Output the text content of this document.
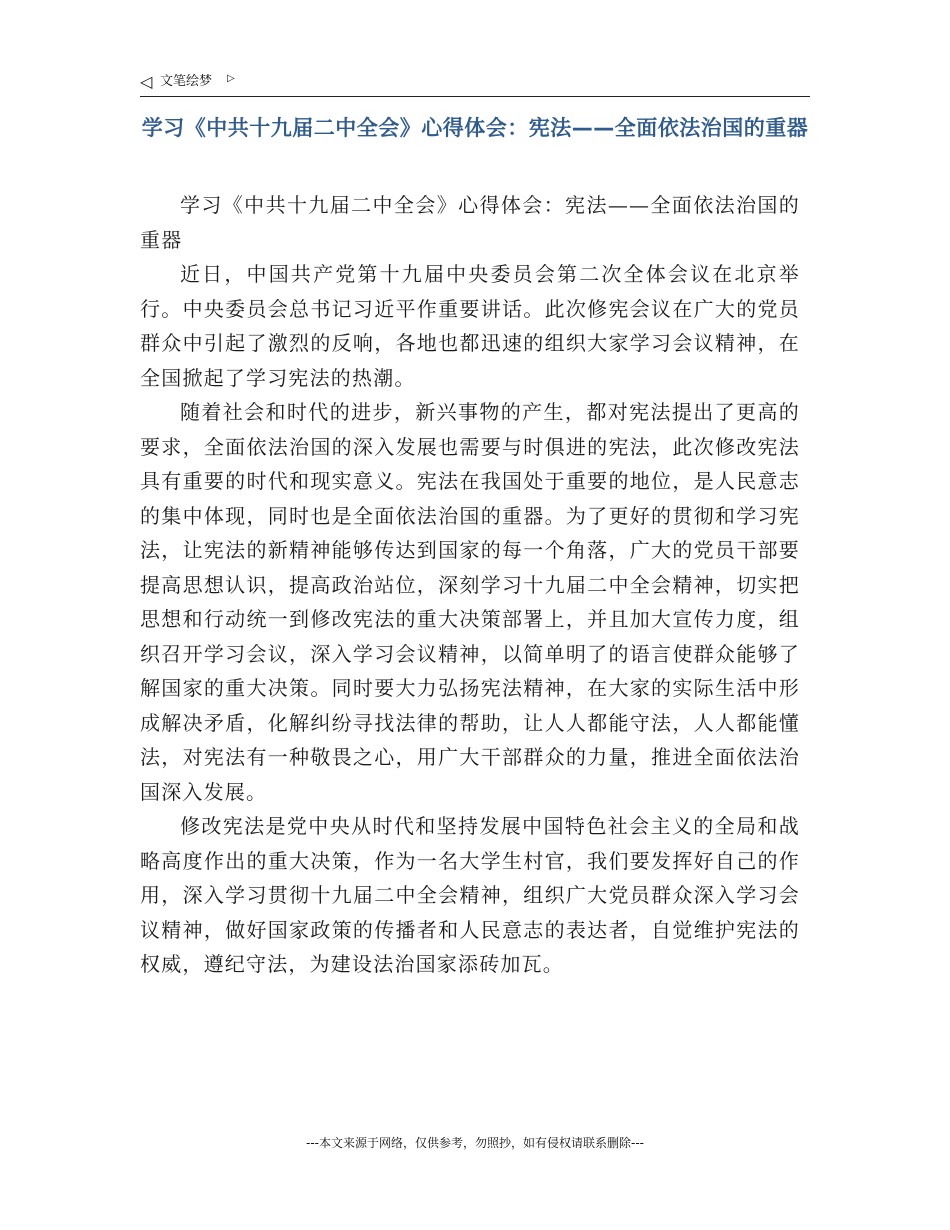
◁ 文笔绘梦 ▷
学习《中共十九届二中全会》心得体会：宪法——全面依法治国的重器

学习《中共十九届二中全会》心得体会：宪法——全面依法治国的重器

近日，中国共产党第十九届中央委员会第二次全体会议在北京举行。中央委员会总书记习近平作重要讲话。此次修宪会议在广大的党员群众中引起了激烈的反响，各地也都迅速的组织大家学习会议精神，在全国掀起了学习宪法的热潮。

随着社会和时代的进步，新兴事物的产生，都对宪法提出了更高的要求，全面依法治国的深入发展也需要与时俱进的宪法，此次修改宪法具有重要的时代和现实意义。宪法在我国处于重要的地位，是人民意志的集中体现，同时也是全面依法治国的重器。为了更好的贯彻和学习宪法，让宪法的新精神能够传达到国家的每一个角落，广大的党员干部要提高思想认识，提高政治站位，深刻学习十九届二中全会精神，切实把思想和行动统一到修改宪法的重大决策部署上，并且加大宣传力度，组织召开学习会议，深入学习会议精神，以简单明了的语言使群众能够了解国家的重大决策。同时要大力弘扬宪法精神，在大家的实际生活中形成解决矛盾，化解纠纷寻找法律的帮助，让人人都能守法，人人都能懂法，对宪法有一种敬畏之心，用广大干部群众的力量，推进全面依法治国深入发展。

修改宪法是党中央从时代和坚持发展中国特色社会主义的全局和战略高度作出的重大决策，作为一名大学生村官，我们要发挥好自己的作用，深入学习贯彻十九届二中全会精神，组织广大党员群众深入学习会议精神，做好国家政策的传播者和人民意志的表达者，自觉维护宪法的权威，遵纪守法，为建设法治国家添砖加瓦。

---本文来源于网络，仅供参考，勿照抄，如有侵权请联系删除---
